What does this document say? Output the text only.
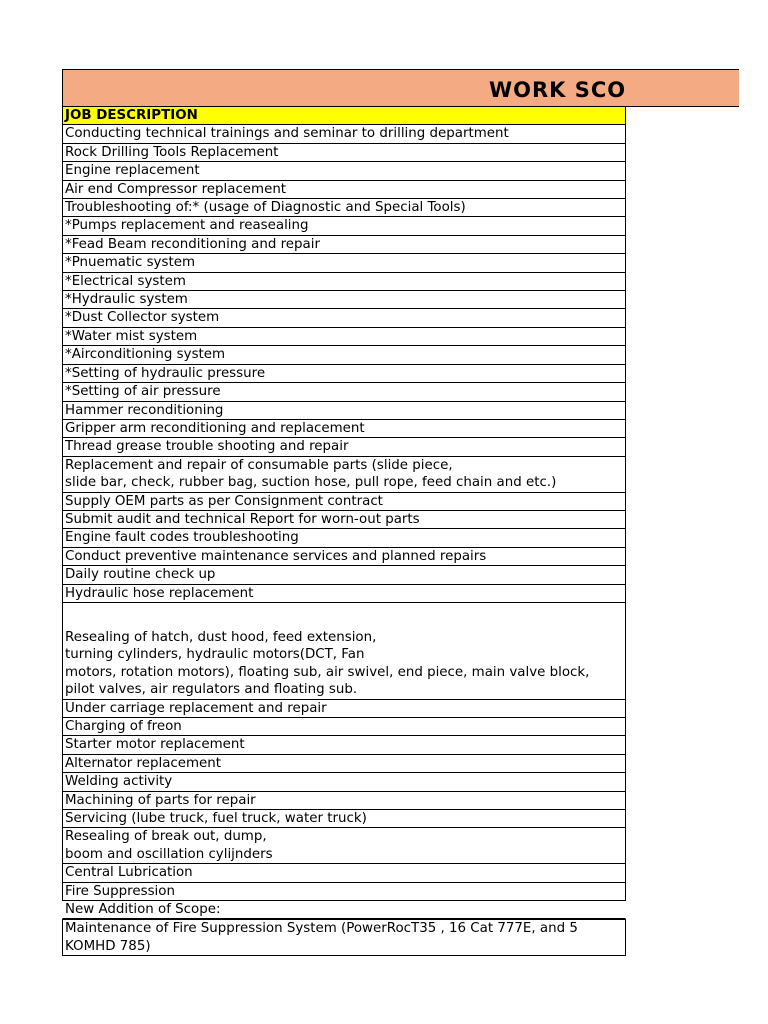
WORK SCO
JOB DESCRIPTION
Conducting technical trainings and seminar to drilling department
Rock Drilling Tools Replacement
Engine replacement
Air end Compressor replacement
Troubleshooting of:* (usage of Diagnostic and Special Tools)
*Pumps replacement and reasealing
*Fead Beam reconditioning and repair
*Pnuematic system
*Electrical system
*Hydraulic system
*Dust Collector system
*Water mist system
*Airconditioning system
*Setting of hydraulic pressure
*Setting of air pressure
Hammer reconditioning
Gripper arm reconditioning and replacement
Thread grease trouble shooting and repair
Replacement and repair of consumable parts (slide piece,
slide bar, check, rubber bag, suction hose, pull rope, feed chain and etc.)
Supply OEM parts as per Consignment contract
Submit audit and technical Report for worn-out parts
Engine fault codes troubleshooting
Conduct preventive maintenance services and planned repairs
Daily routine check up
Hydraulic hose replacement
Resealing of hatch, dust hood, feed extension,
turning cylinders, hydraulic motors(DCT, Fan
motors, rotation motors), floating sub, air swivel, end piece, main valve block,
pilot valves, air regulators and floating sub.
Under carriage replacement and repair
Charging of freon
Starter motor replacement
Alternator replacement
Welding activity
Machining of parts for repair
Servicing (lube truck, fuel truck, water truck)
Resealing of break out, dump,
boom and oscillation cylijnders
Central Lubrication
Fire Suppression
New Addition of Scope:
Maintenance of Fire Suppression System (PowerRocT35 , 16 Cat 777E, and 5
KOMHD 785)
